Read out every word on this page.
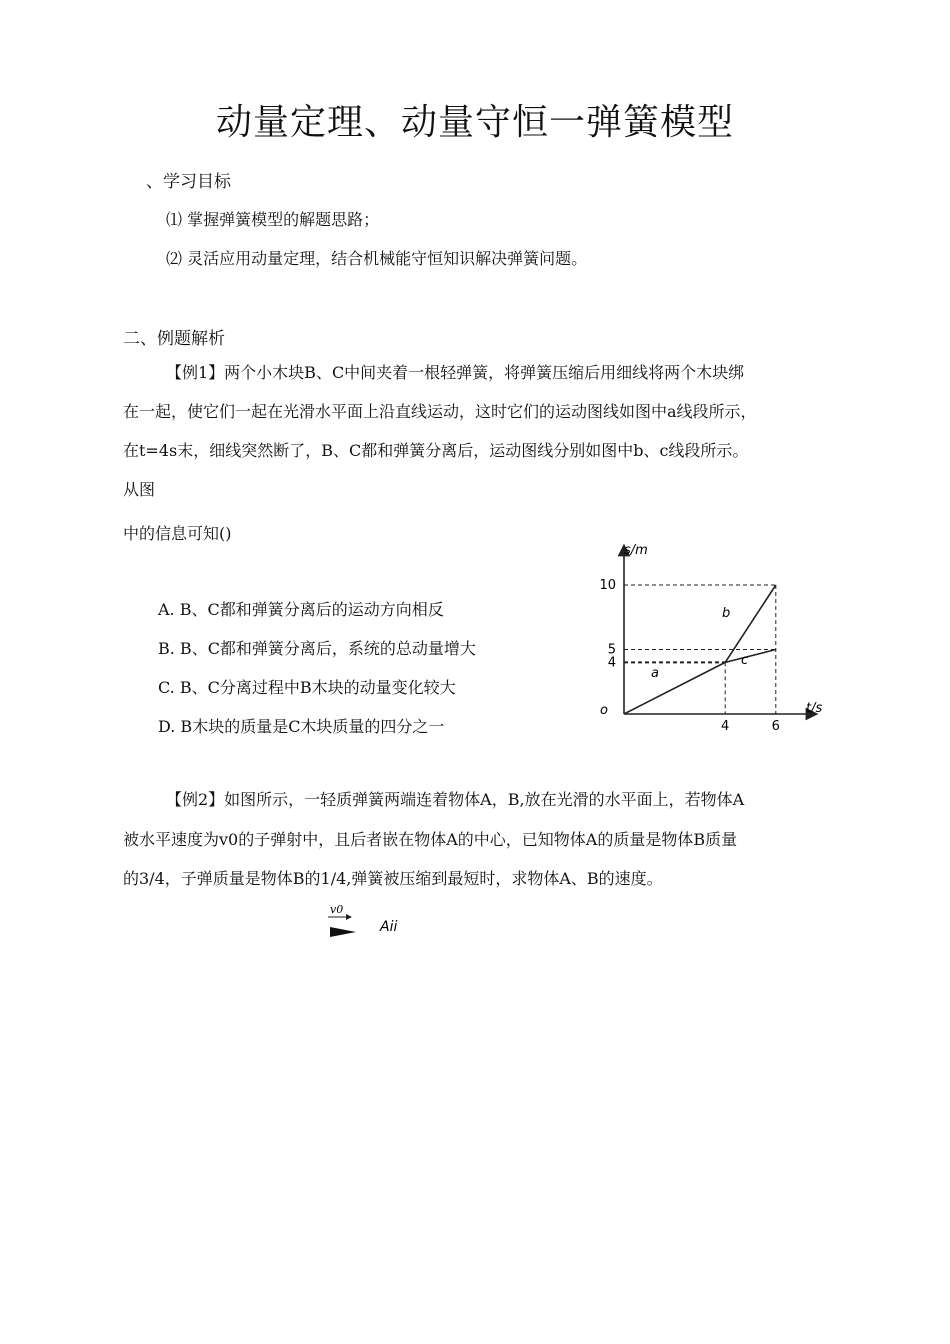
动量定理、动量守恒一弹簧模型
、学习目标
⑴ 掌握弹簧模型的解题思路；
⑵ 灵活应用动量定理，结合机械能守恒知识解决弹簧问题。
二、例题解析
【例1】两个小木块B、C中间夹着一根轻弹簧，将弹簧压缩后用细线将两个木块绑
在一起，使它们一起在光滑水平面上沿直线运动，这时它们的运动图线如图中a线段所示，
在t=4s末，细线突然断了，B、C都和弹簧分离后，运动图线分别如图中b、c线段所示。
从图
中的信息可知()
A. B、C都和弹簧分离后的运动方向相反
B. B、C都和弹簧分离后，系统的总动量增大
C. B、C分离过程中B木块的动量变化较大
D. B木块的质量是C木块质量的四分之一
s/m
t/s
o
10
5
4
4	6
b
c
a
【例2】如图所示，一轻质弹簧两端连着物体A，B,放在光滑的水平面上，若物体A
被水平速度为v0的子弹射中，且后者嵌在物体A的中心，已知物体A的质量是物体B质量
的3/4，子弹质量是物体B的1/4,弹簧被压缩到最短时，求物体A、B的速度。
v0
Aii
